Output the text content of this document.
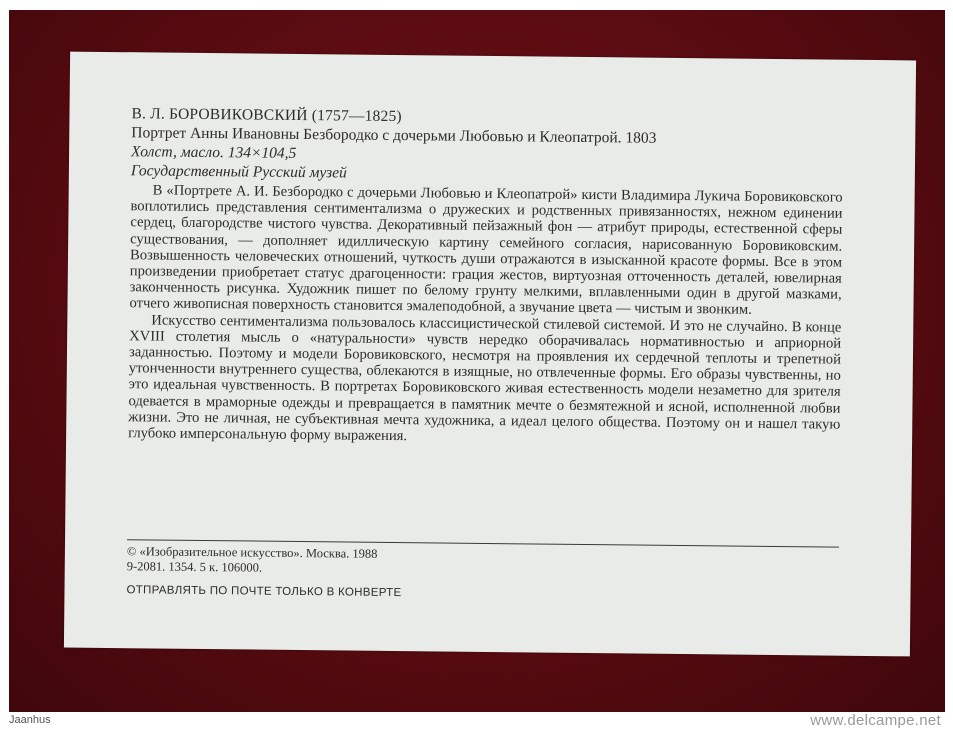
В. Л. БОРОВИКОВСКИЙ (1757—1825)
Портрет Анны Ивановны Безбородко с дочерьми Любовью и Клеопатрой. 1803
Холст, масло. 134×104,5
Государственный Русский музей

В «Портрете А. И. Безбородко с дочерьми Любовью и Клеопатрой» кисти Владимира Лукича Боровиковского воплотились представления сентиментализма о дружеских и родственных привязанностях, нежном единении сердец, благородстве чистого чувства. Декоративный пейзажный фон — атрибут природы, естественной сферы существования, — дополняет идиллическую картину семейного согласия, нарисованную Боровиковским. Возвышенность человеческих отношений, чуткость души отражаются в изысканной красоте формы. Все в этом произведении приобретает статус драгоценности: грация жестов, виртуозная отточенность деталей, ювелирная законченность рисунка. Художник пишет по белому грунту мелкими, вплавленными один в другой мазками, отчего живописная поверхность становится эмалеподобной, а звучание цвета — чистым и звонким.

Искусство сентиментализма пользовалось классицистической стилевой системой. И это не случайно. В конце XVIII столетия мысль о «натуральности» чувств нередко оборачивалась нормативностью и априорной заданностью. Поэтому и модели Боровиковского, несмотря на проявления их сердечной теплоты и трепетной утонченности внутреннего существа, облекаются в изящные, но отвлеченные формы. Его образы чувственны, но это идеальная чувственность. В портретах Боровиковского живая естественность модели незаметно для зрителя одевается в мраморные одежды и превращается в памятник мечте о безмятежной и ясной, исполненной любви жизни. Это не личная, не субъективная мечта художника, а идеал целого общества. Поэтому он и нашел такую глубоко имперсональную форму выражения.

© «Изобразительное искусство». Москва. 1988
9-2081. 1354. 5 к. 106000.
ОТПРАВЛЯТЬ ПО ПОЧТЕ ТОЛЬКО В КОНВЕРТЕ
Jaanhus	www.delcampe.net
